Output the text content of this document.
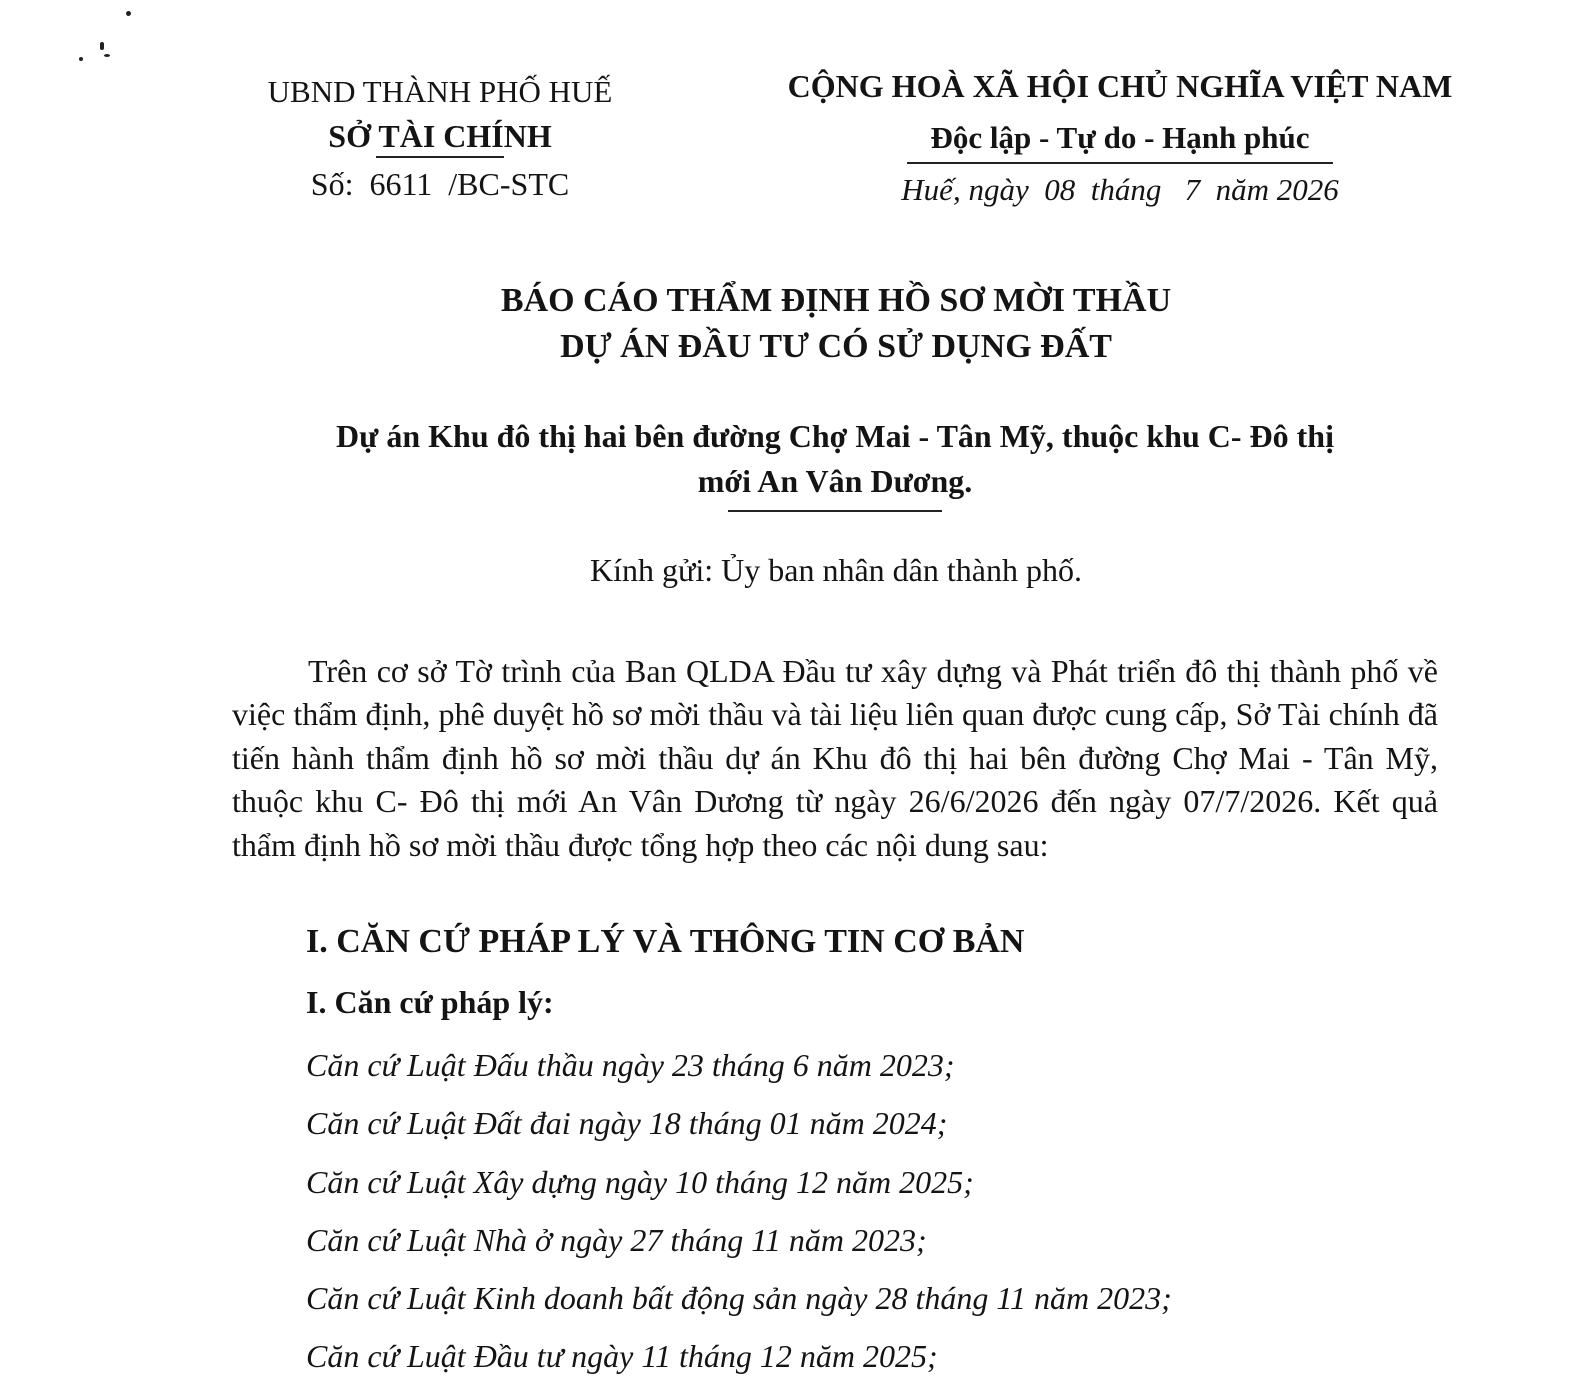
UBND THÀNH PHỐ HUẾ
SỞ TÀI CHÍNH
Số:  6611  /BC-STC
CỘNG HOÀ XÃ HỘI CHỦ NGHĨA VIỆT NAM
Độc lập - Tự do - Hạnh phúc
Huế, ngày  08  tháng   7  năm 2026
BÁO CÁO THẨM ĐỊNH HỒ SƠ MỜI THẦU
DỰ ÁN ĐẦU TƯ CÓ SỬ DỤNG ĐẤT
Dự án Khu đô thị hai bên đường Chợ Mai - Tân Mỹ, thuộc khu C- Đô thị
mới An Vân Dương.
Kính gửi: Ủy ban nhân dân thành phố.
Trên cơ sở Tờ trình của Ban QLDA Đầu tư xây dựng và Phát triển đô thị thành phố về việc thẩm định, phê duyệt hồ sơ mời thầu và tài liệu liên quan được cung cấp, Sở Tài chính đã tiến hành thẩm định hồ sơ mời thầu dự án Khu đô thị hai bên đường Chợ Mai - Tân Mỹ, thuộc khu C- Đô thị mới An Vân Dương từ ngày 26/6/2026 đến ngày 07/7/2026. Kết quả thẩm định hồ sơ mời thầu được tổng hợp theo các nội dung sau:
I. CĂN CỨ PHÁP LÝ VÀ THÔNG TIN CƠ BẢN
I. Căn cứ pháp lý:
Căn cứ Luật Đấu thầu ngày 23 tháng 6 năm 2023;
Căn cứ Luật Đất đai ngày 18 tháng 01 năm 2024;
Căn cứ Luật Xây dựng ngày 10 tháng 12 năm 2025;
Căn cứ Luật Nhà ở ngày 27 tháng 11 năm 2023;
Căn cứ Luật Kinh doanh bất động sản ngày 28 tháng 11 năm 2023;
Căn cứ Luật Đầu tư ngày 11 tháng 12 năm 2025;
